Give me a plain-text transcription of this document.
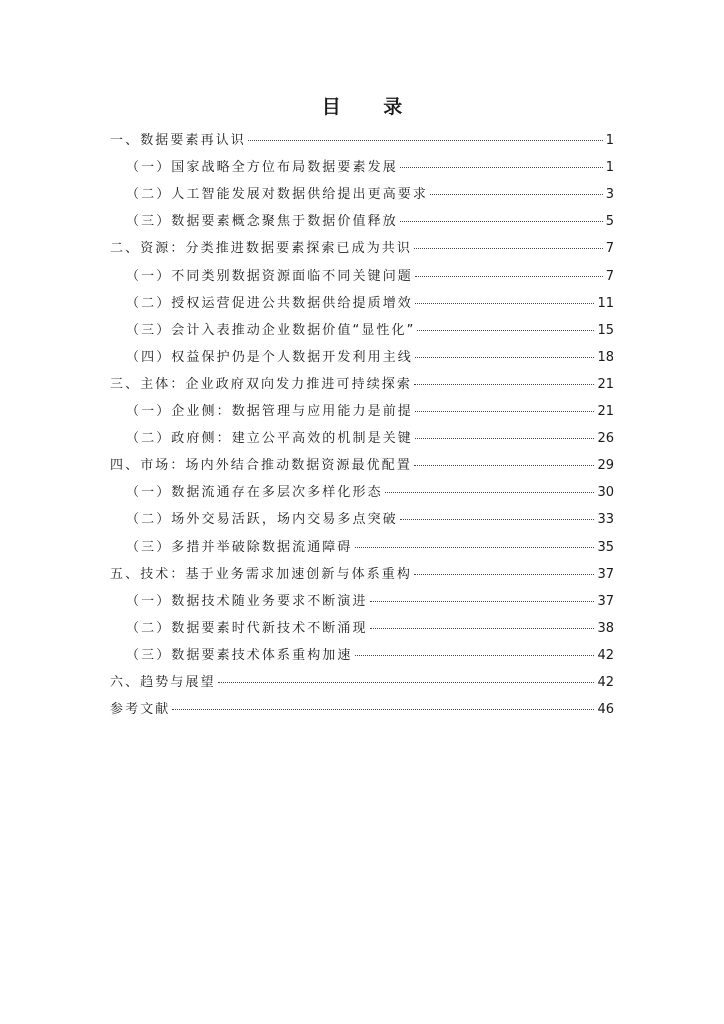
目 录
一、数据要素再认识	1
（一）国家战略全方位布局数据要素发展	1
（二）人工智能发展对数据供给提出更高要求	3
（三）数据要素概念聚焦于数据价值释放	5
二、资源：分类推进数据要素探索已成为共识	7
（一）不同类别数据资源面临不同关键问题	7
（二）授权运营促进公共数据供给提质增效	11
（三）会计入表推动企业数据价值“显性化”	15
（四）权益保护仍是个人数据开发利用主线	18
三、主体：企业政府双向发力推进可持续探索	21
（一）企业侧：数据管理与应用能力是前提	21
（二）政府侧：建立公平高效的机制是关键	26
四、市场：场内外结合推动数据资源最优配置	29
（一）数据流通存在多层次多样化形态	30
（二）场外交易活跃，场内交易多点突破	33
（三）多措并举破除数据流通障碍	35
五、技术：基于业务需求加速创新与体系重构	37
（一）数据技术随业务要求不断演进	37
（二）数据要素时代新技术不断涌现	38
（三）数据要素技术体系重构加速	42
六、趋势与展望	42
参考文献	46
